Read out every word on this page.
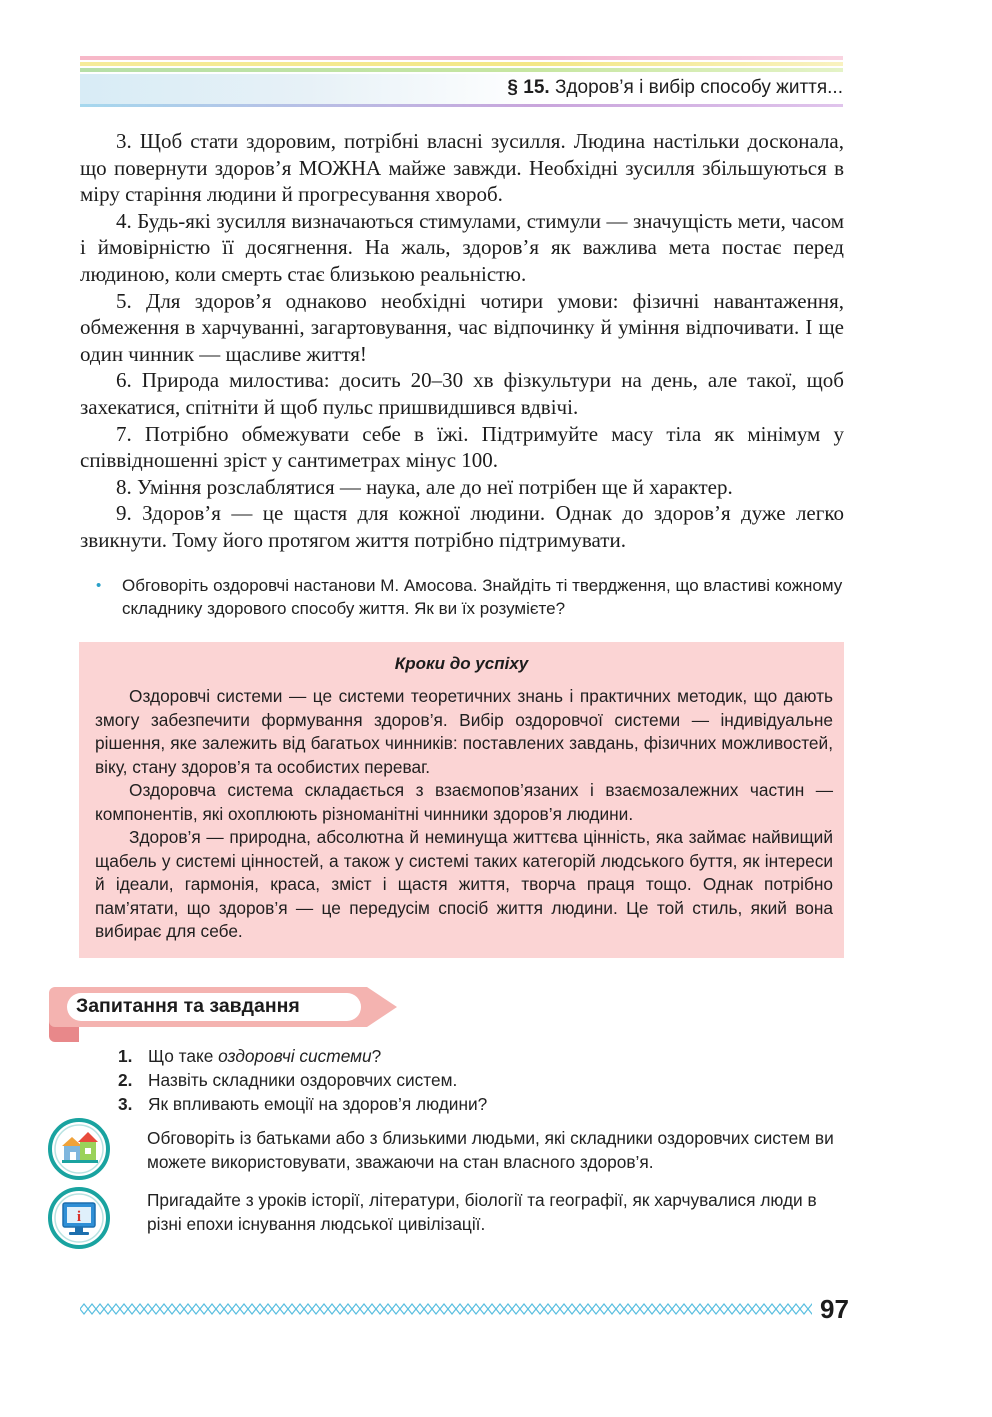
§ 15. Здоров’я і вибір способу життя...

3. Щоб стати здоровим, потрібні власні зусилля. Людина настільки досконала, що повернути здоров’я МОЖНА майже завжди. Необхідні зусилля збільшуються в міру старіння людини й прогресування хвороб.

4. Будь-які зусилля визначаються стимулами, стимули — значущість мети, часом і ймовірністю її досягнення. На жаль, здоров’я як важлива мета постає перед людиною, коли смерть стає близькою реальністю.

5. Для здоров’я однаково необхідні чотири умови: фізичні навантаження, обмеження в харчуванні, загартовування, час відпочинку й уміння відпочивати. І ще один чинник — щасливе життя!

6. Природа милостива: досить 20–30 хв фізкультури на день, але такої, щоб захекатися, спітніти й щоб пульс пришвидшився вдвічі.

7. Потрібно обмежувати себе в їжі. Підтримуйте масу тіла як мінімум у співвідношенні зріст у сантиметрах мінус 100.

8. Уміння розслаблятися — наука, але до неї потрібен ще й характер.

9. Здоров’я — це щастя для кожної людини. Однак до здоров’я дуже легко звикнути. Тому його протягом життя потрібно підтримувати.

•	Обговоріть оздоровчі настанови М. Амосова. Знайдіть ті твердження, що властиві кожному складнику здорового способу життя. Як ви їх розумієте?
Кроки до успіху

Оздоровчі системи — це системи теоретичних знань і практичних методик, що дають змогу забезпечити формування здоров’я. Вибір оздоровчої системи — індивідуальне рішення, яке залежить від багатьох чинників: поставлених завдань, фізичних можливостей, віку, стану здоров’я та особистих переваг.

Оздоровча система складається з взаємопов’язаних і взаємозалежних частин — компонентів, які охоплюють різноманітні чинники здоров’я людини.

Здоров’я — природна, абсолютна й неминуща життєва цінність, яка займає найвищий щабель у системі цінностей, а також у системі таких категорій людського буття, як інтереси й ідеали, гармонія, краса, зміст і щастя життя, творча праця тощо. Однак потрібно пам’ятати, що здоров’я — це передусім спосіб життя людини. Це той стиль, який вона вибирає для себе.

Запитання та завдання
1. Що таке оздоровчі системи?
2. Назвіть складники оздоровчих систем.
3. Як впливають емоції на здоров’я людини?
Обговоріть із батьками або з близькими людьми, які складники оздоровчих систем ви можете використовувати, зважаючи на стан власного здоров’я.
i
Пригадайте з уроків історії, літератури, біології та географії, як харчувалися люди в різні епохи існування людської цивілізації.
97
